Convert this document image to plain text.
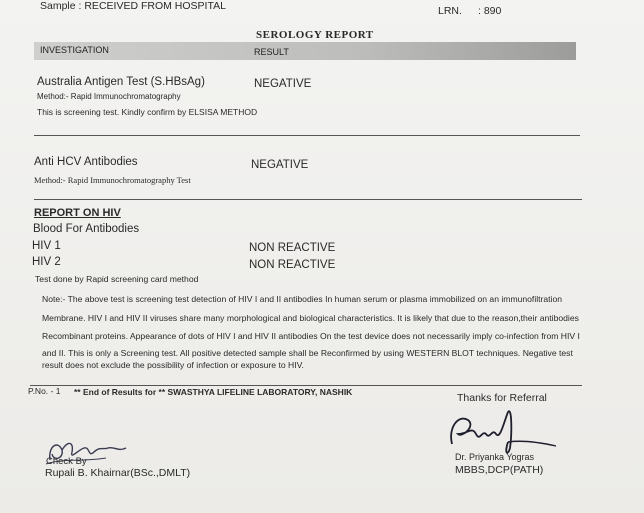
Sample : RECEIVED FROM HOSPITAL	LRN. : 890
SEROLOGY REPORT
INVESTIGATION	RESULT
Australia Antigen Test (S.HBsAg)	NEGATIVE
Method:- Rapid Immunochromatography
This is screening test. Kindly confirm by ELSISA METHOD
Anti HCV Antibodies	NEGATIVE
Method:- Rapid Immunochromatography Test
REPORT ON HIV
Blood For Antibodies
HIV 1	NON REACTIVE
HIV 2	NON REACTIVE
Test done by Rapid screening card method
Note:- The above test is screening test detection of HIV I and II antibodies In human serum or plasma immobilized on an immunofiltration
Membrane. HIV I and HIV II viruses share many morphological and biological characteristics. It is likely that due to the reason,their antibodies
Recombinant proteins. Appearance of dots of HIV I and HIV II antibodies On the test device does not necessarily imply co-infection from HIV I
and II. This is only a Screening test. All positive detected sample shall be Reconfirmed by using WESTERN BLOT techniques. Negative test
result does not exclude the possibility of infection or exposure to HIV.
P.No. - 1 ** End of Results for ** SWASTHYA LIFELINE LABORATORY, NASHIK	Thanks for Referral
Check By
Rupali B. Khairnar(BSc.,DMLT)
Dr. Priyanka Yogras
MBBS,DCP(PATH)
